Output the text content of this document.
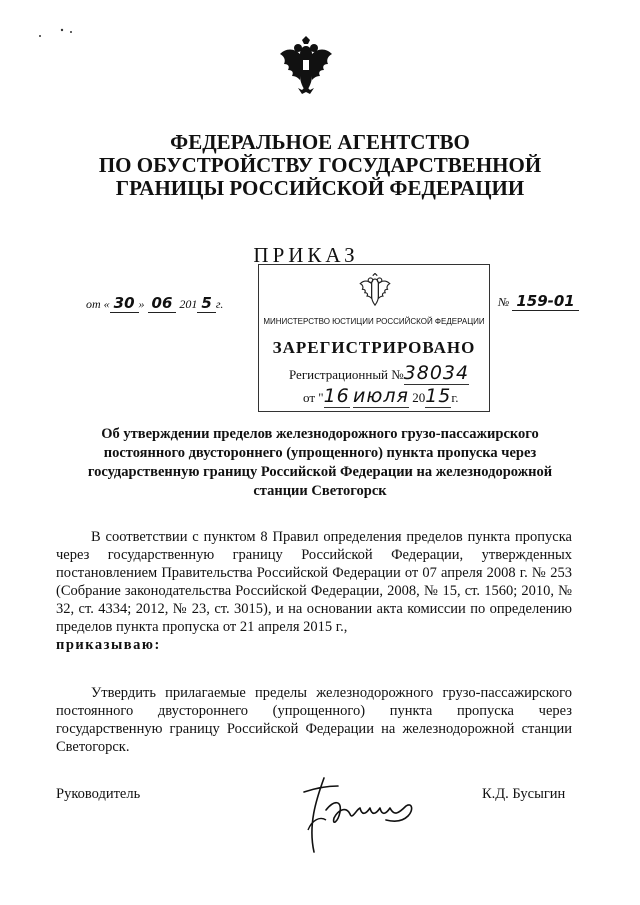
ФЕДЕРАЛЬНОЕ АГЕНТСТВО
ПО ОБУСТРОЙСТВУ ГОСУДАРСТВЕННОЙ
ГРАНИЦЫ РОССИЙСКОЙ ФЕДЕРАЦИИ
ПРИКАЗ
от « 30 » 06 201 5 г.	№ 159-01
МИНИСТЕРСТВО ЮСТИЦИИ РОССИЙСКОЙ ФЕДЕРАЦИИ
ЗАРЕГИСТРИРОВАНО
Регистрационный №38034
от "16 июля 2015г.
Об утверждении пределов железнодорожного грузо-пассажирского постоянного двустороннего (упрощенного) пункта пропуска через государственную границу Российской Федерации на железнодорожной станции Светогорск

В соответствии с пунктом 8 Правил определения пределов пункта пропуска через государственную границу Российской Федерации, утвержденных постановлением Правительства Российской Федерации от 07 апреля 2008 г. № 253 (Собрание законодательства Российской Федерации, 2008, № 15, ст. 1560; 2010, № 32, ст. 4334; 2012, № 23, ст. 3015), и на основании акта комиссии по определению пределов пункта пропуска от 21 апреля 2015 г.,
приказываю:

Утвердить прилагаемые пределы железнодорожного грузо-пассажирского постоянного двустороннего (упрощенного) пункта пропуска через государственную границу Российской Федерации на железнодорожной станции Светогорск.

Руководитель	К.Д. Бусыгин
